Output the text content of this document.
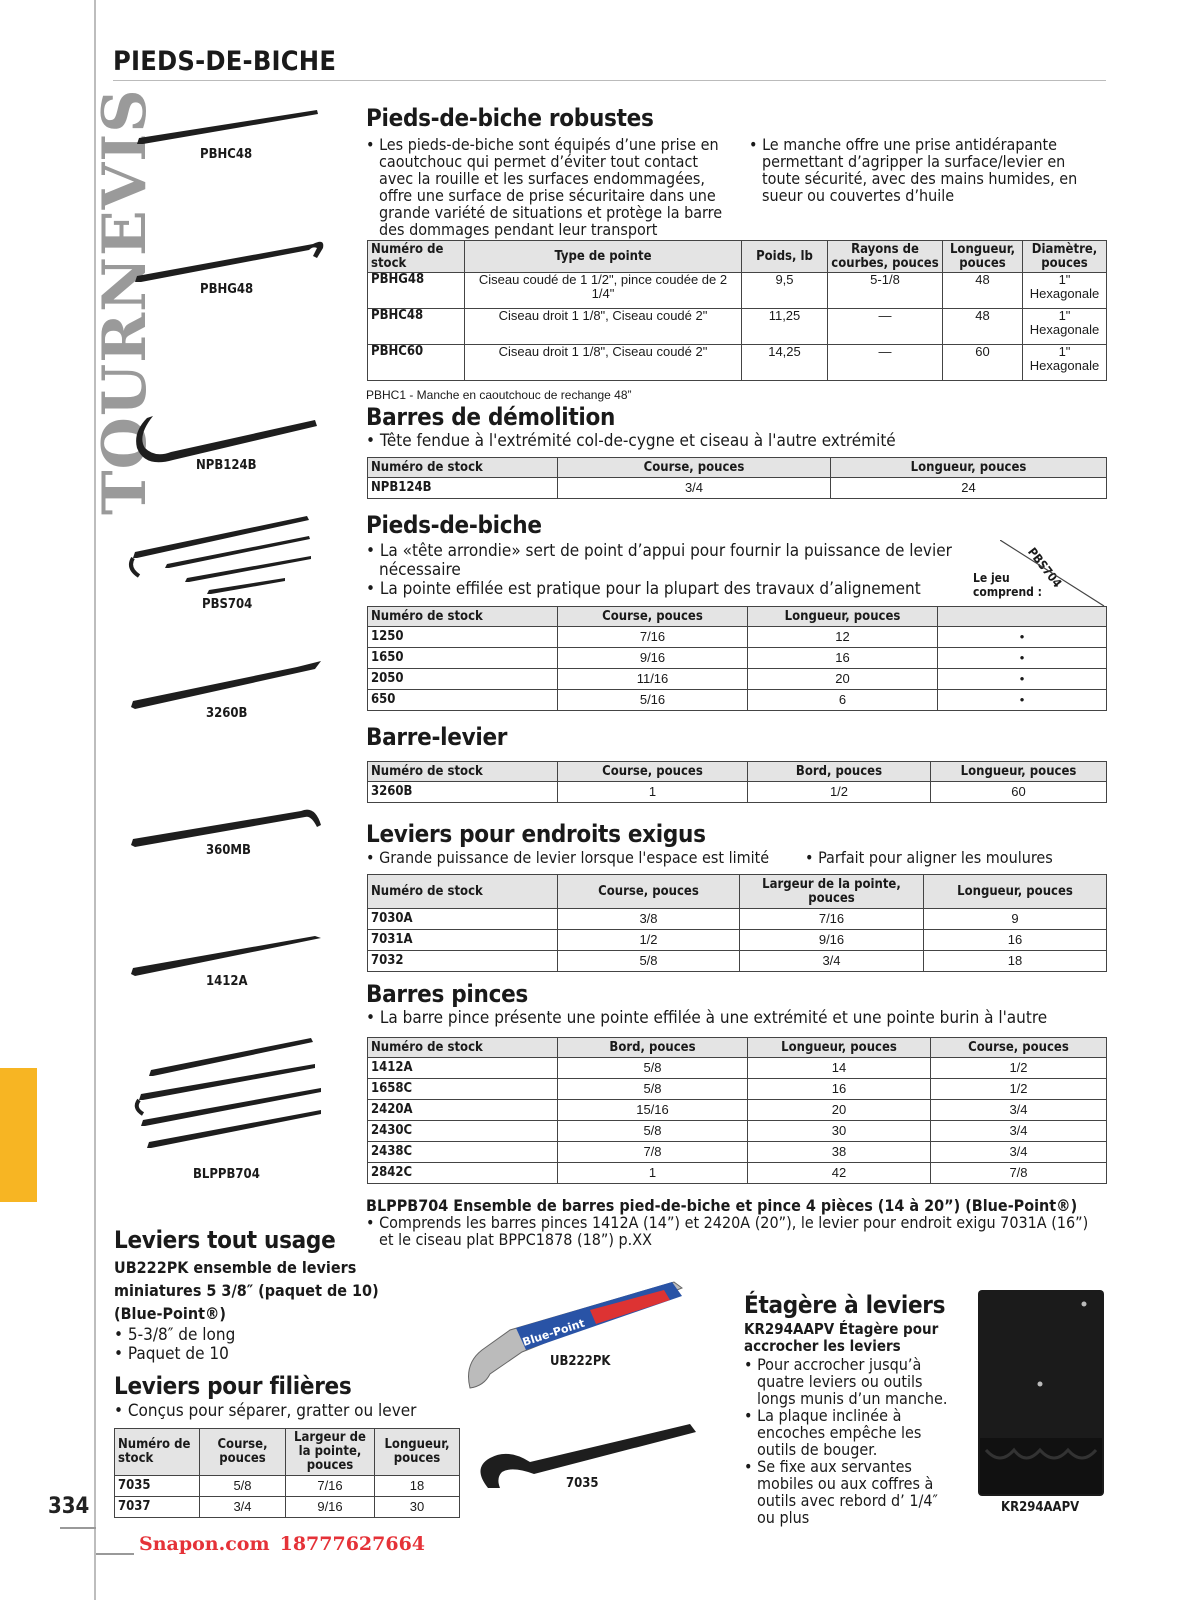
TOURNEVIS
334
Snapon.com 18777627664
PIEDS-DE-BICHE
PBHC48
PBHG48
NPB124B
PBS704
3260B
360MB
1412A
BLPPB704
Pieds-de-biche robustes
• Les pieds-de-biche sont équipés d’une prise en caoutchouc qui permet d’éviter tout contact avec la rouille et les surfaces endommagées, offre une surface de prise sécuritaire dans une grande variété de situations et protège la barre des dommages pendant leur transport
• Le manche offre une prise antidérapante permettant d’agripper la surface/levier en toute sécurité, avec des mains humides, en sueur ou couvertes d’huile
Numéro de stock	Type de pointe	Poids, lb	Rayons de courbes, pouces	Longueur, pouces	Diamètre, pouces
PBHG48	Ciseau coudé de 1 1/2", pince coudée de 2 1/4"	9,5	5-1/8	48	1" Hexagonale
PBHC48	Ciseau droit 1 1/8", Ciseau coudé 2"	11,25	—	48	1" Hexagonale
PBHC60	Ciseau droit 1 1/8", Ciseau coudé 2"	14,25	—	60	1" Hexagonale
PBHC1 - Manche en caoutchouc de rechange 48”
Barres de démolition
• Tête fendue à l'extrémité col-de-cygne et ciseau à l'autre extrémité
Numéro de stock	Course, pouces	Longueur, pouces
NPB124B	3/4	24
Pieds-de-biche
• La «tête arrondie» sert de point d’appui pour fournir la puissance de levier nécessaire
• La pointe effilée est pratique pour la plupart des travaux d’alignement
Le jeu comprend :
PBS704
Numéro de stock	Course, pouces	Longueur, pouces	
1250	7/16	12	•
1650	9/16	16	•
2050	11/16	20	•
650	5/16	6	•
Barre-levier
Numéro de stock	Course, pouces	Bord, pouces	Longueur, pouces
3260B	1	1/2	60
Leviers pour endroits exigus
• Grande puissance de levier lorsque l'espace est limité	• Parfait pour aligner les moulures
Numéro de stock	Course, pouces	Largeur de la pointe, pouces	Longueur, pouces
7030A	3/8	7/16	9
7031A	1/2	9/16	16
7032	5/8	3/4	18
Barres pinces
• La barre pince présente une pointe effilée à une extrémité et une pointe burin à l'autre
Numéro de stock	Bord, pouces	Longueur, pouces	Course, pouces
1412A	5/8	14	1/2
1658C	5/8	16	1/2
2420A	15/16	20	3/4
2430C	5/8	30	3/4
2438C	7/8	38	3/4
2842C	1	42	7/8
BLPPB704 Ensemble de barres pied-de-biche et pince 4 pièces (14 à 20”) (Blue-Point®)
• Comprends les barres pinces 1412A (14”) et 2420A (20”), le levier pour endroit exigu 7031A (16”) et le ciseau plat BPPC1878 (18”) p.XX
Leviers tout usage
UB222PK ensemble de leviers miniatures 5 3/8″ (paquet de 10) (Blue-Point®)
• 5-3/8″ de long
• Paquet de 10
Blue-Point
UB222PK
Leviers pour filières
• Conçus pour séparer, gratter ou lever
Numéro de stock	Course, pouces	Largeur de la pointe, pouces	Longueur, pouces
7035	5/8	7/16	18
7037	3/4	9/16	30
7035
Étagère à leviers
KR294AAPV Étagère pour accrocher les leviers
• Pour accrocher jusqu’à quatre leviers ou outils longs munis d’un manche.
• La plaque inclinée à encoches empêche les outils de bouger.
• Se fixe aux servantes mobiles ou aux coffres à outils avec rebord d’ 1/4″ ou plus
KR294AAPV
